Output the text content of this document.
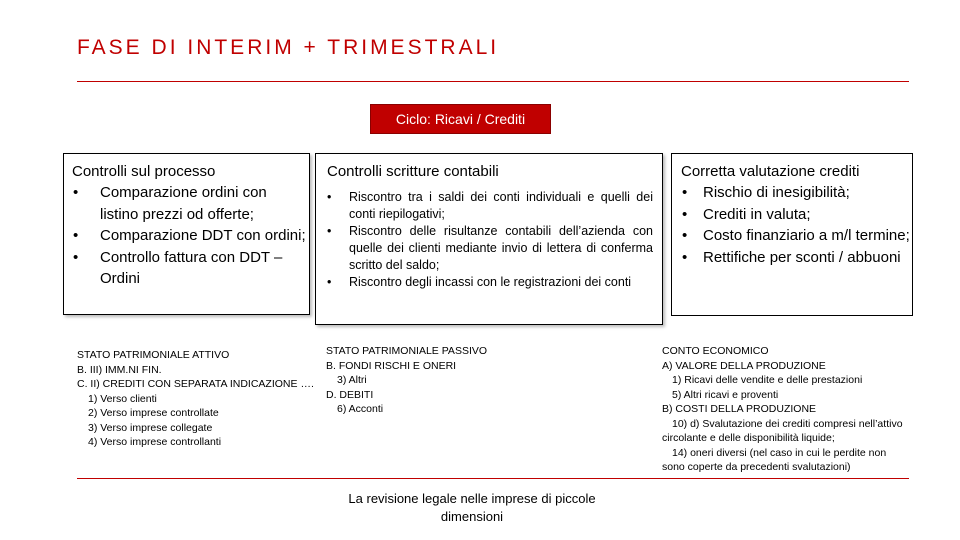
FASE DI INTERIM + TRIMESTRALI
Ciclo: Ricavi / Crediti
Controlli sul processo
• Comparazione ordini con listino prezzi od offerte;
• Comparazione DDT con ordini;
• Controllo fattura con DDT – Ordini
Controlli scritture contabili
• Riscontro tra i saldi dei conti individuali e quelli dei conti riepilogativi;
• Riscontro delle risultanze contabili dell’azienda con quelle dei clienti mediante invio di lettera di conferma scritto del saldo;
• Riscontro degli incassi con le registrazioni dei conti
Corretta valutazione crediti
• Rischio di inesigibilità;
• Crediti in valuta;
• Costo finanziario a m/l termine;
• Rettifiche per sconti / abbuoni
STATO PATRIMONIALE ATTIVO
B. III) IMM.NI FIN.
C. II) CREDITI CON SEPARATA INDICAZIONE ….
1) Verso clienti
2) Verso imprese controllate
3) Verso imprese collegate
4) Verso imprese controllanti
STATO PATRIMONIALE PASSIVO
B. FONDI RISCHI E ONERI
3) Altri
D. DEBITI
6) Acconti
CONTO ECONOMICO
A) VALORE DELLA PRODUZIONE
1) Ricavi delle vendite e delle prestazioni
5) Altri ricavi e proventi
B) COSTI DELLA PRODUZIONE
10) d) Svalutazione dei crediti compresi nell’attivo
circolante e delle disponibilità liquide;
14) oneri diversi (nel caso in cui le perdite non
sono coperte da precedenti svalutazioni)
La revisione legale nelle imprese di piccole
dimensioni
